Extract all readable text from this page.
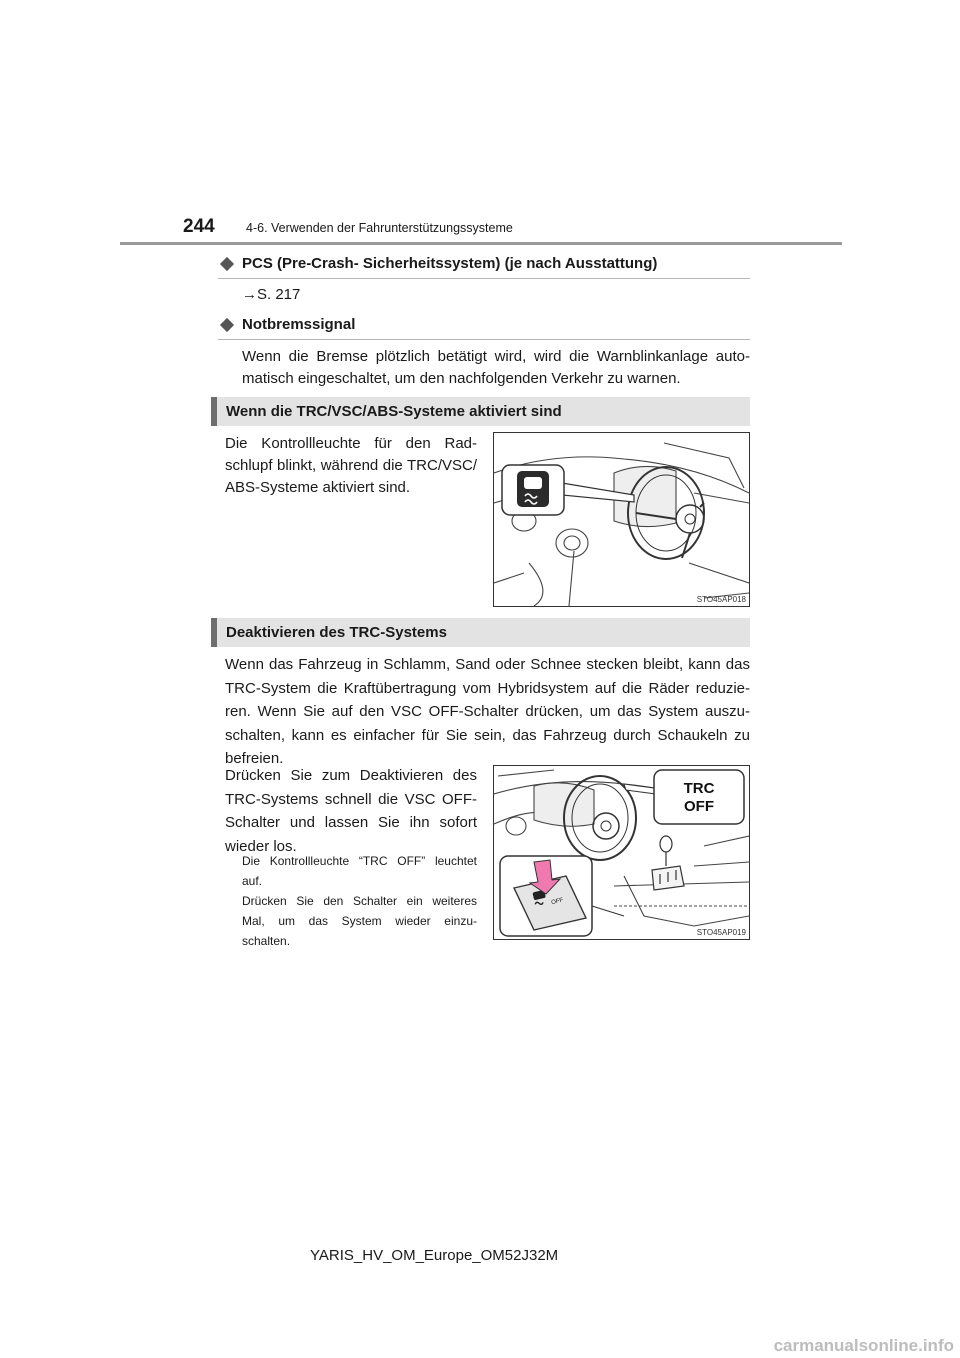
244	4-6. Verwenden der Fahrunterstützungssysteme
PCS (Pre-Crash- Sicherheitssystem) (je nach Ausstattung)
→S. 217
Notbremssignal
Wenn die Bremse plötzlich betätigt wird, wird die Warnblinkanlage auto-
matisch eingeschaltet, um den nachfolgenden Verkehr zu warnen.
Wenn die TRC/VSC/ABS-Systeme aktiviert sind
Die Kontrollleuchte für den Rad-
schlupf blinkt, während die TRC/VSC/
ABS-Systeme aktiviert sind.
STO45AP018
Deaktivieren des TRC-Systems
Wenn das Fahrzeug in Schlamm, Sand oder Schnee stecken bleibt, kann das
TRC-System die Kraftübertragung vom Hybridsystem auf die Räder reduzie-
ren. Wenn Sie auf den VSC OFF-Schalter drücken, um das System auszu-
schalten, kann es einfacher für Sie sein, das Fahrzeug durch Schaukeln zu
befreien.
Drücken Sie zum Deaktivieren des
TRC-Systems schnell die VSC OFF-
Schalter und lassen Sie ihn sofort
wieder los.
Die Kontrollleuchte “TRC OFF” leuchtet
auf.
Drücken Sie den Schalter ein weiteres
Mal, um das System wieder einzu-
schalten.
TRC
OFF
OFF
STO45AP019
YARIS_HV_OM_Europe_OM52J32M
carmanualsonline.info
